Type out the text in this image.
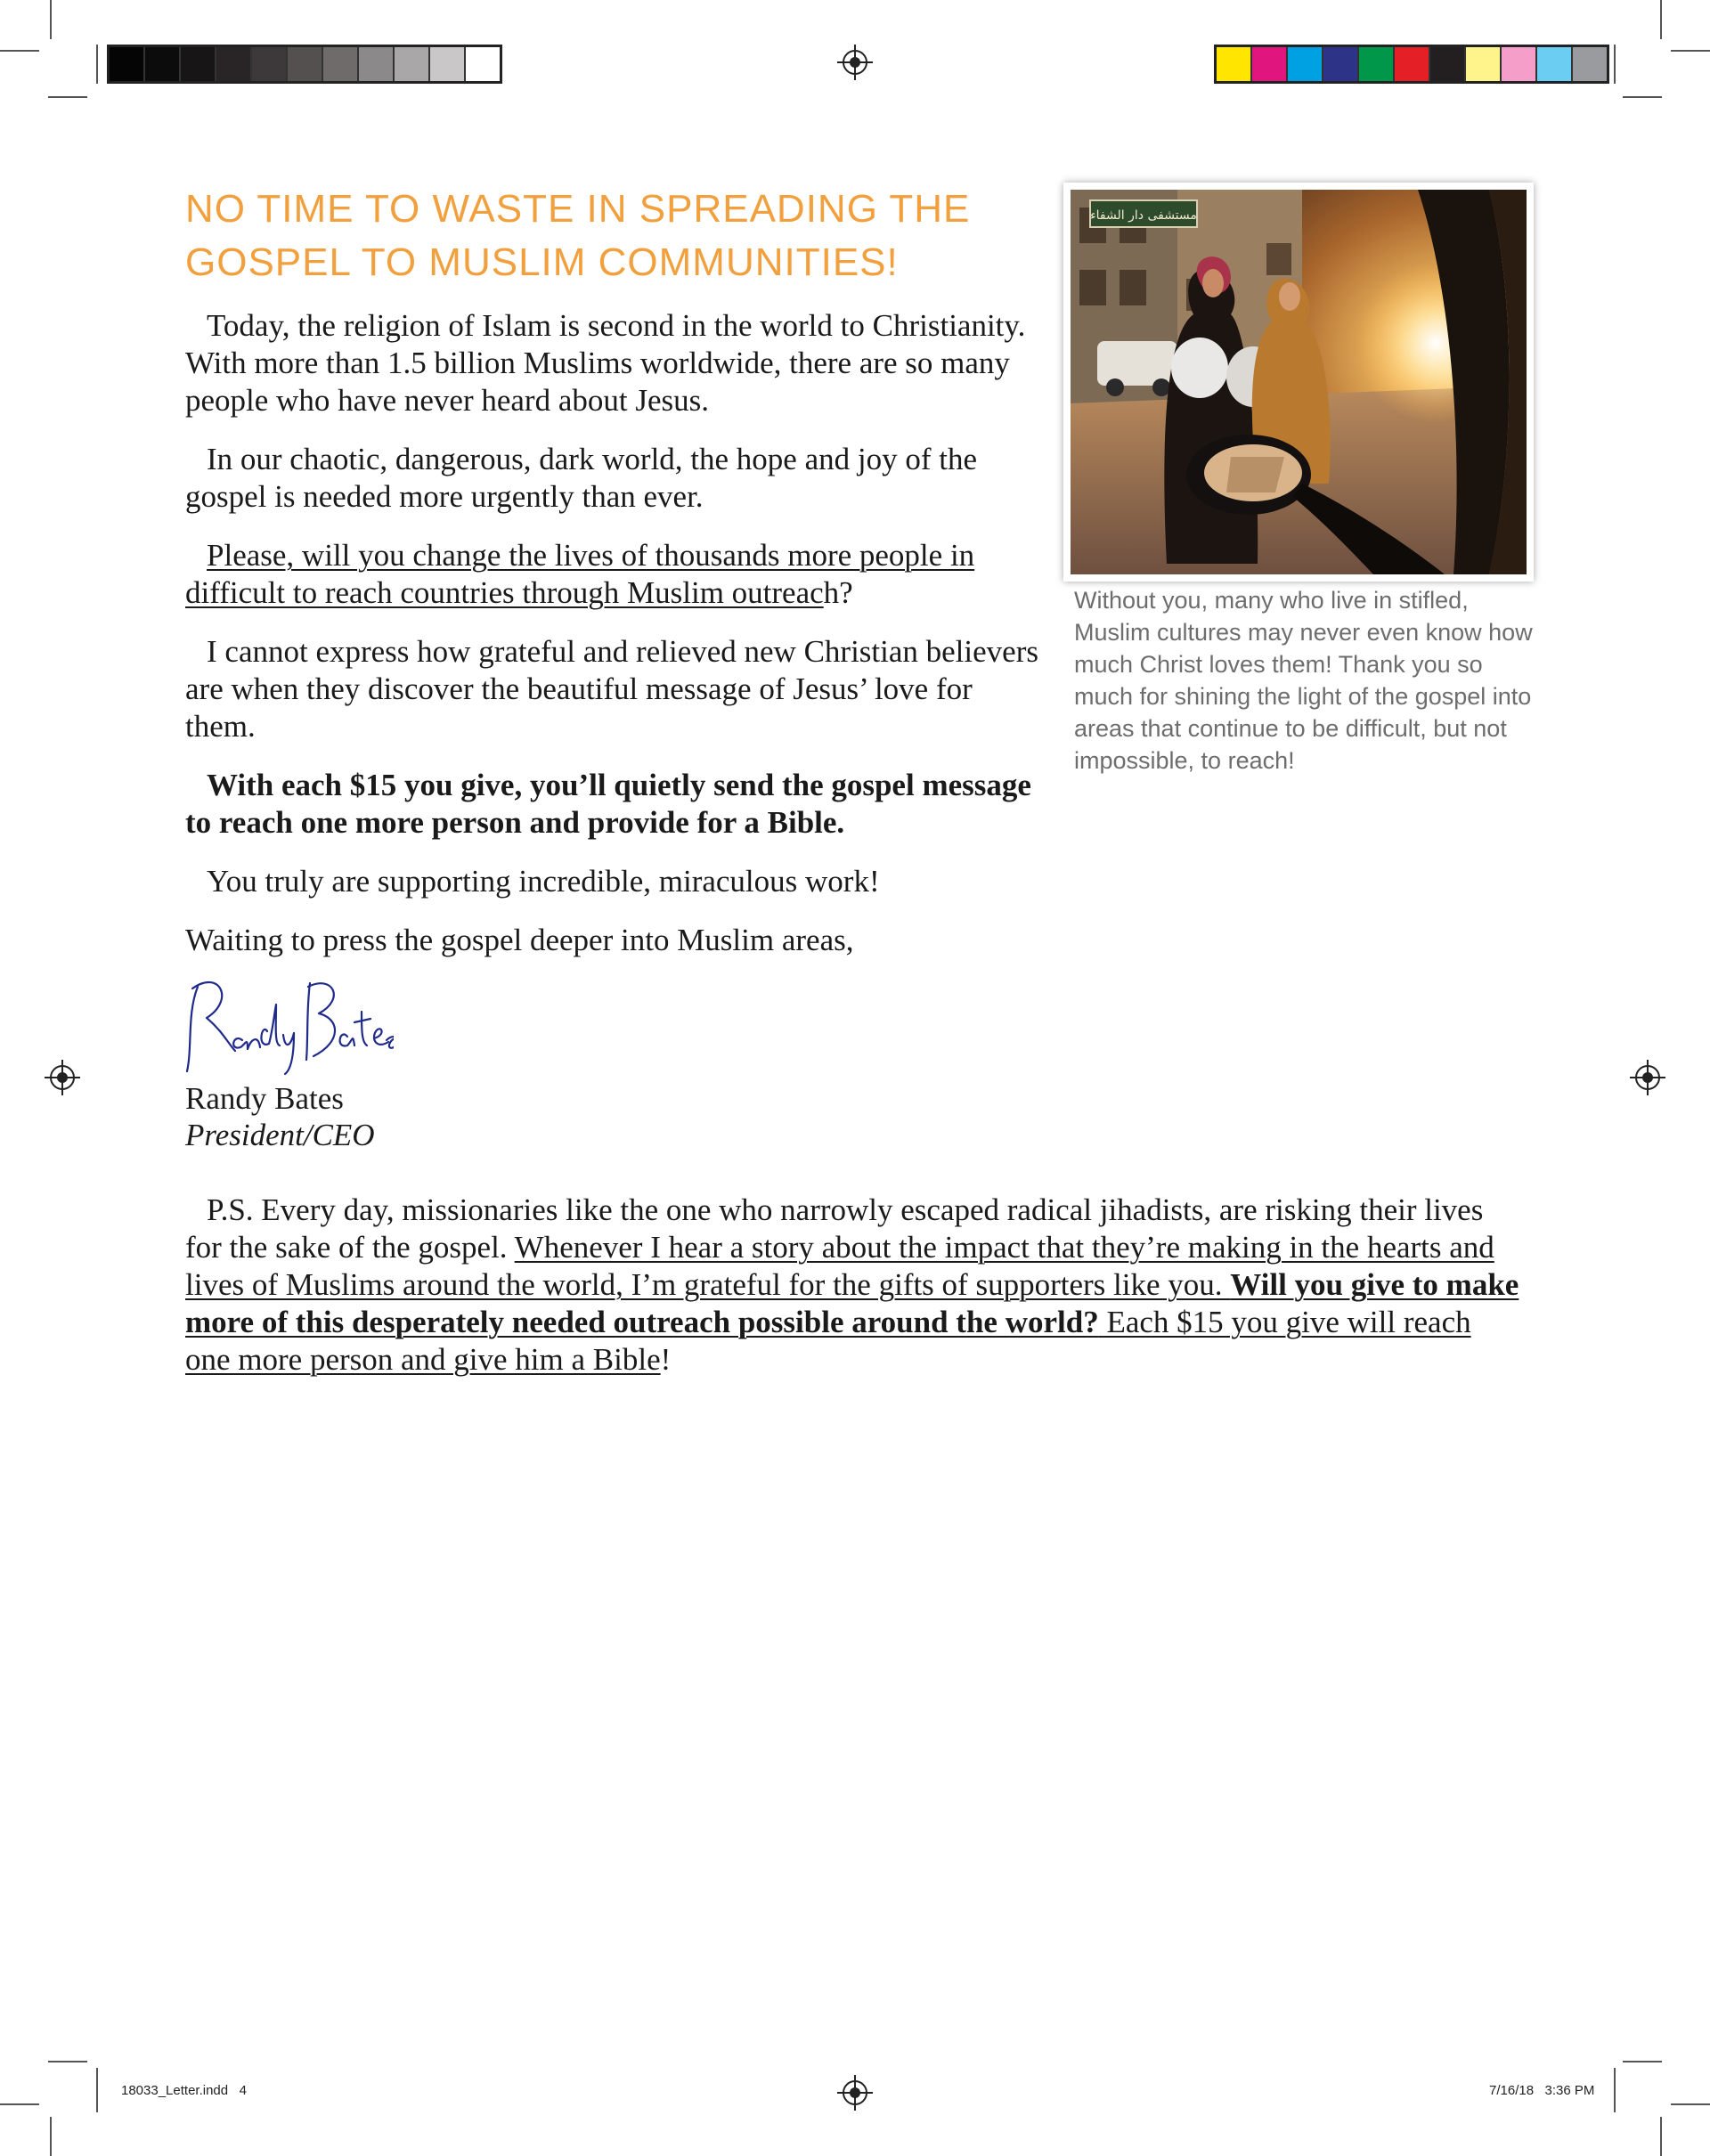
18033_Letter.indd   4	7/16/18   3:36 PM
NO TIME TO WASTE IN SPREADING THE
GOSPEL TO MUSLIM COMMUNITIES!

Today, the religion of Islam is second in the world to Christianity. With more than 1.5 billion Muslims worldwide, there are so many people who have never heard about Jesus.

In our chaotic, dangerous, dark world, the hope and joy of the gospel is needed more urgently than ever.

Please, will you change the lives of thousands more people in difficult to reach countries through Muslim outreach?

I cannot express how grateful and relieved new Christian believers are when they discover the beautiful message of Jesus’ love for them.

With each $15 you give, you’ll quietly send the gospel message to reach one more person and provide for a Bible.

You truly are supporting incredible, miraculous work!

Waiting to press the gospel deeper into Muslim areas,

Randy Bates
President/CEO

P.S. Every day, missionaries like the one who narrowly escaped radical jihadists, are risking their lives for the sake of the gospel. Whenever I hear a story about the impact that they’re making in the hearts and lives of Muslims around the world, I’m grateful for the gifts of supporters like you. Will you give to make more of this desperately needed outreach possible around the world? Each $15 you give will reach one more person and give him a Bible!

مستشفى دار الشفاء

Without you, many who live in stifled, Muslim cultures may never even know how much Christ loves them! Thank you so much for shining the light of the gospel into areas that continue to be difficult, but not impossible, to reach!
